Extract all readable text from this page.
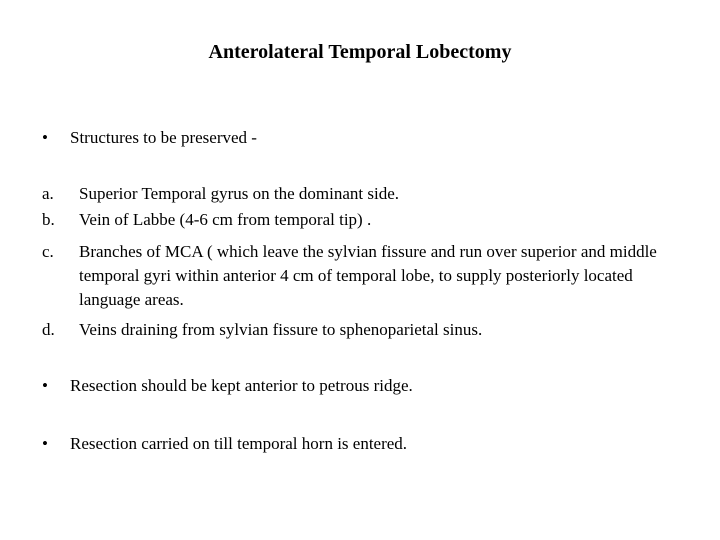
Anterolateral Temporal Lobectomy
•	Structures to be preserved -
a.	Superior Temporal gyrus on the dominant side.
b.	Vein of Labbe (4-6 cm from temporal tip) .
c.	Branches of MCA ( which leave the sylvian fissure and run over superior and middle temporal gyri within anterior 4 cm of temporal lobe, to supply posteriorly located language areas.
d.	Veins draining from sylvian fissure to sphenoparietal sinus.
•	Resection should be kept anterior to petrous ridge.
•	Resection carried on till temporal horn is entered.
